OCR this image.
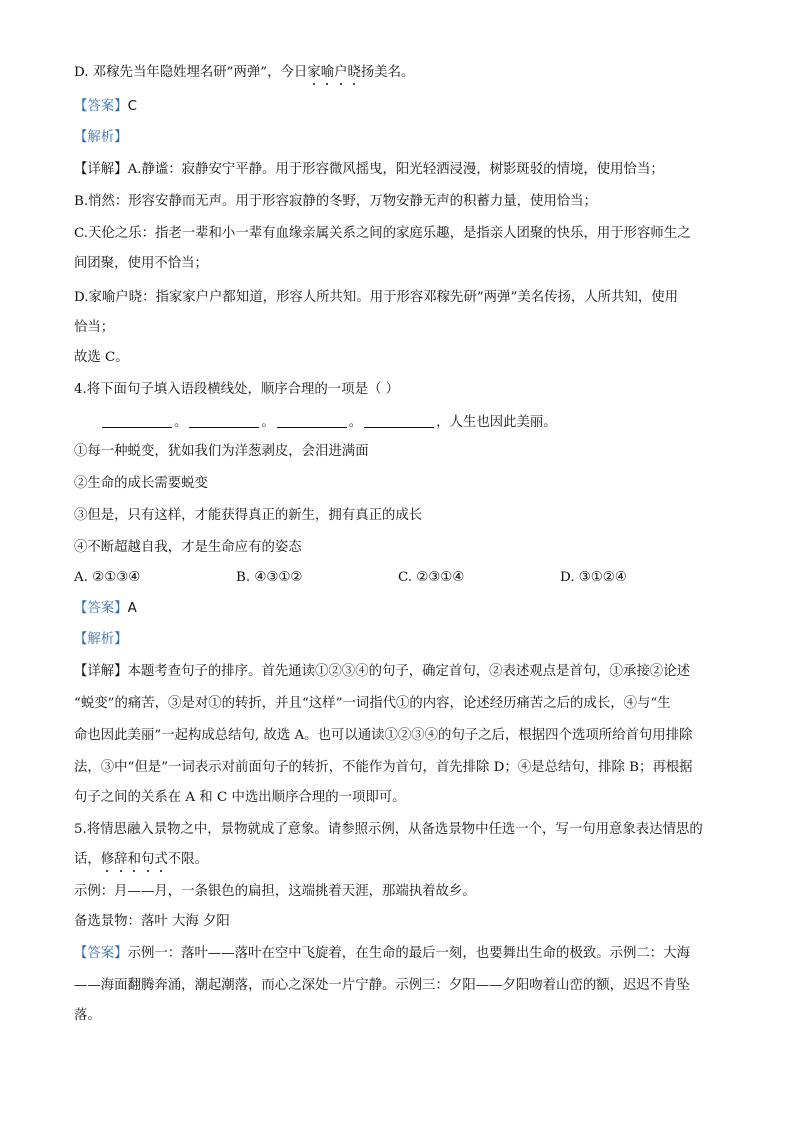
D. 邓稼先当年隐姓埋名研”两弹”，今日家喻户晓扬美名。
【答案】C
【解析】
【详解】A.静谧：寂静安宁平静。用于形容微风摇曳，阳光轻洒浸漫，树影斑驳的情境，使用恰当；
B.悄然：形容安静而无声。用于形容寂静的冬野，万物安静无声的积蓄力量，使用恰当；
C.天伦之乐：指老一辈和小一辈有血缘亲属关系之间的家庭乐趣，是指亲人团聚的快乐，用于形容师生之
间团聚，使用不恰当；
D.家喻户晓：指家家户户都知道，形容人所共知。用于形容邓稼先研”两弹”美名传扬，人所共知，使用
恰当；
故选 C。
4.将下面句子填入语段横线处，顺序合理的一项是（ ）
。	。	。	，人生也因此美丽。
①每一种蜕变，犹如我们为洋葱剥皮，会泪进满面
②生命的成长需要蜕变
③但是，只有这样，才能获得真正的新生，拥有真正的成长
④不断超越自我，才是生命应有的姿态
A. ②①③④	B. ④③①②	C. ②③①④	D. ③①②④
【答案】A
【解析】
【详解】本题考查句子的排序。首先通读①②③④的句子，确定首句，②表述观点是首句，①承接②论述
“蜕变”的痛苦，③是对①的转折，并且“这样”一词指代①的内容，论述经历痛苦之后的成长，④与“生
命也因此美丽”一起构成总结句, 故选 A。也可以通读①②③④的句子之后，根据四个选项所给首句用排除
法，③中“但是”一词表示对前面句子的转折，不能作为首句，首先排除 D；④是总结句，排除 B；再根据
句子之间的关系在 A 和 C 中选出顺序合理的一项即可。
5.将情思融入景物之中，景物就成了意象。请参照示例，从备选景物中任选一个，写一句用意象表达情思的
话，修辞和句式不限。
示例：月——月，一条银色的扁担，这端挑着天涯，那端执着故乡。
备选景物：落叶 大海 夕阳
【答案】示例一：落叶——落叶在空中飞旋着，在生命的最后一刻，也要舞出生命的极致。示例二：大海
——海面翻腾奔涌，潮起潮落，而心之深处一片宁静。示例三：夕阳——夕阳吻着山峦的额，迟迟不肯坠
落。
